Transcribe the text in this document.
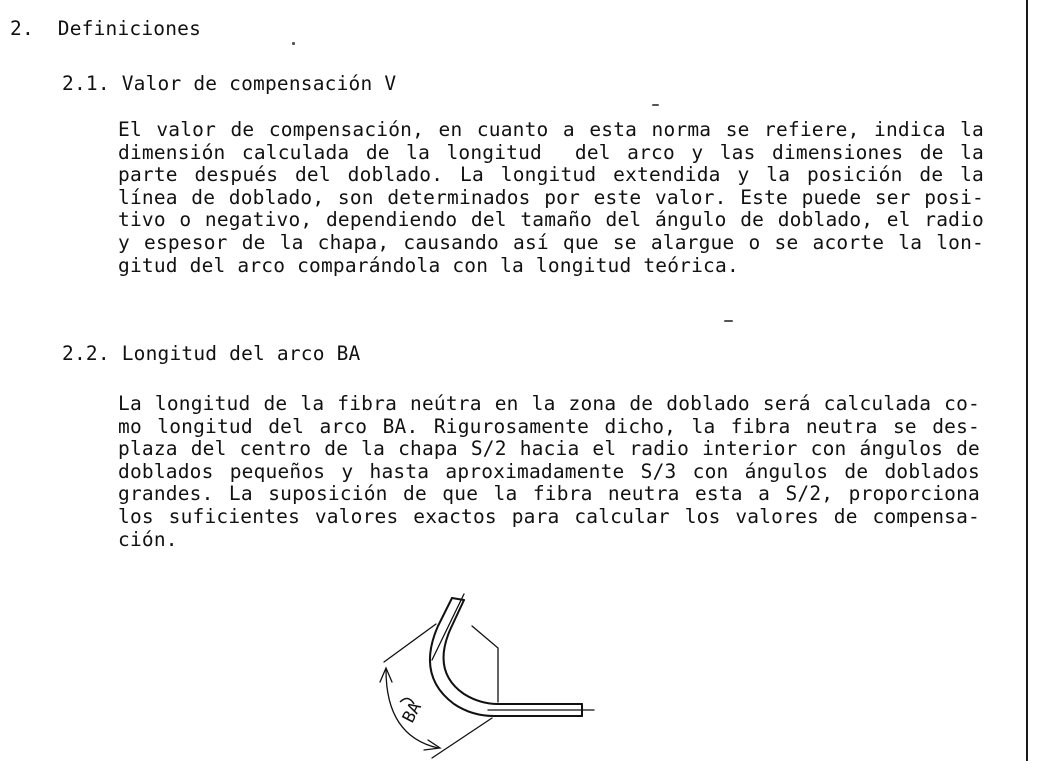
2.  Definiciones
2.1. Valor de compensación V
El valor de compensación, en cuanto a esta norma se refiere, indica la
dimensión calculada de la longitud  del arco y las dimensiones de la
parte después del doblado. La longitud extendida y la posición de la
línea de doblado, son determinados por este valor. Este puede ser posi-
tivo o negativo, dependiendo del tamaño del ángulo de doblado, el radio
y espesor de la chapa, causando así que se alargue o se acorte la lon-
gitud del arco comparándola con la longitud teórica.
2.2. Longitud del arco BA
La longitud de la fibra neútra en la zona de doblado será calculada co-
mo longitud del arco BA. Rigurosamente dicho, la fibra neutra se des-
plaza del centro de la chapa S/2 hacia el radio interior con ángulos de
doblados pequeños y hasta aproximadamente S/3 con ángulos de doblados
grandes. La suposición de que la fibra neutra esta a S/2, proporciona
los suficientes valores exactos para calcular los valores de compensa-
ción.
BA
